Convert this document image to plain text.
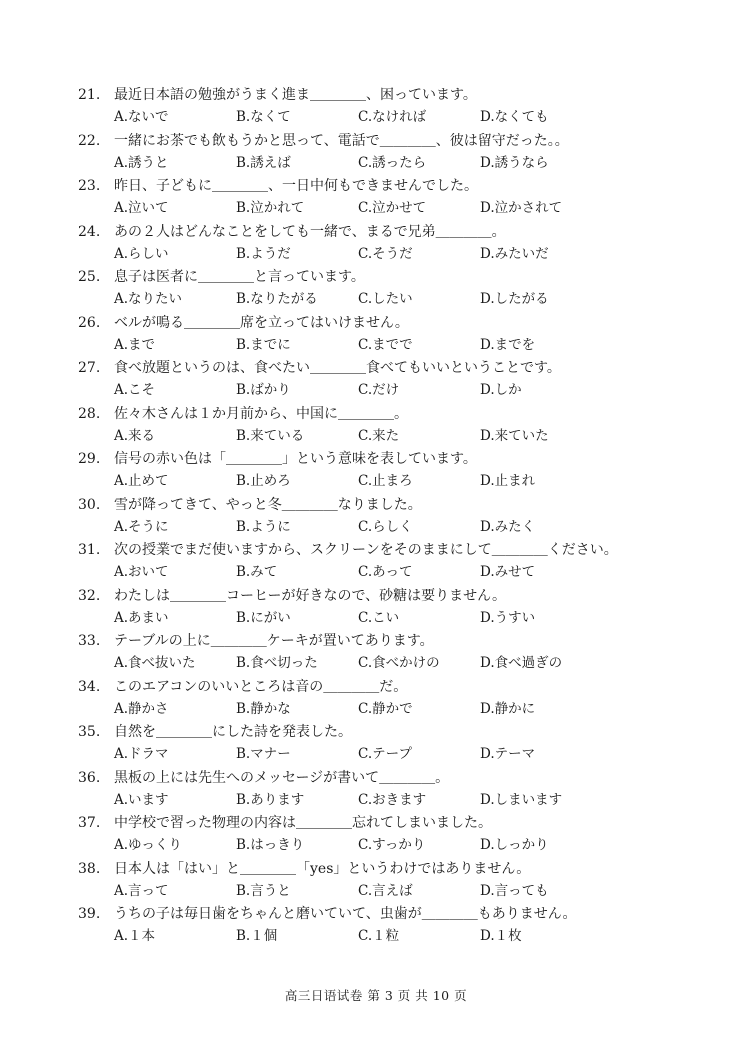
21. 最近日本語の勉強がうまく進ま＿＿＿＿、困っています。
A.ないで	B.なくて	C.なければ	D.なくても
22. 一緒にお茶でも飲もうかと思って、電話で＿＿＿＿、彼は留守だった。。
A.誘うと	B.誘えば	C.誘ったら	D.誘うなら
23. 昨日、子どもに＿＿＿＿、一日中何もできませんでした。
A.泣いて	B.泣かれて	C.泣かせて	D.泣かされて
24. あの２人はどんなことをしても一緒で、まるで兄弟＿＿＿＿。
A.らしい	B.ようだ	C.そうだ	D.みたいだ
25. 息子は医者に＿＿＿＿と言っています。
A.なりたい	B.なりたがる	C.したい	D.したがる
26. ベルが鳴る＿＿＿＿席を立ってはいけません。
A.まで	B.までに	C.までで	D.までを
27. 食べ放題というのは、食べたい＿＿＿＿食べてもいいということです。
A.こそ	B.ばかり	C.だけ	D.しか
28. 佐々木さんは１か月前から、中国に＿＿＿＿。
A.来る	B.来ている	C.来た	D.来ていた
29. 信号の赤い色は「＿＿＿＿」という意味を表しています。
A.止めて	B.止めろ	C.止まろ	D.止まれ
30. 雪が降ってきて、やっと冬＿＿＿＿なりました。
A.そうに	B.ように	C.らしく	D.みたく
31. 次の授業でまだ使いますから、スクリーンをそのままにして＿＿＿＿ください。
A.おいて	B.みて	C.あって	D.みせて
32. わたしは＿＿＿＿コーヒーが好きなので、砂糖は要りません。
A.あまい	B.にがい	C.こい	D.うすい
33. テーブルの上に＿＿＿＿ケーキが置いてあります。
A.食べ抜いた	B.食べ切った	C.食べかけの	D.食べ過ぎの
34. このエアコンのいいところは音の＿＿＿＿だ。
A.静かさ	B.静かな	C.静かで	D.静かに
35. 自然を＿＿＿＿にした詩を発表した。
A.ドラマ	B.マナー	C.テープ	D.テーマ
36. 黒板の上には先生へのメッセージが書いて＿＿＿＿。
A.います	B.あります	C.おきます	D.しまいます
37. 中学校で習った物理の内容は＿＿＿＿忘れてしまいました。
A.ゆっくり	B.はっきり	C.すっかり	D.しっかり
38. 日本人は「はい」と＿＿＿＿「yes」というわけではありません。
A.言って	B.言うと	C.言えば	D.言っても
39. うちの子は毎日歯をちゃんと磨いていて、虫歯が＿＿＿＿もありません。
A.１本	B.１個	C.１粒	D.１枚
高三日语试卷 第 3 页 共 10 页
